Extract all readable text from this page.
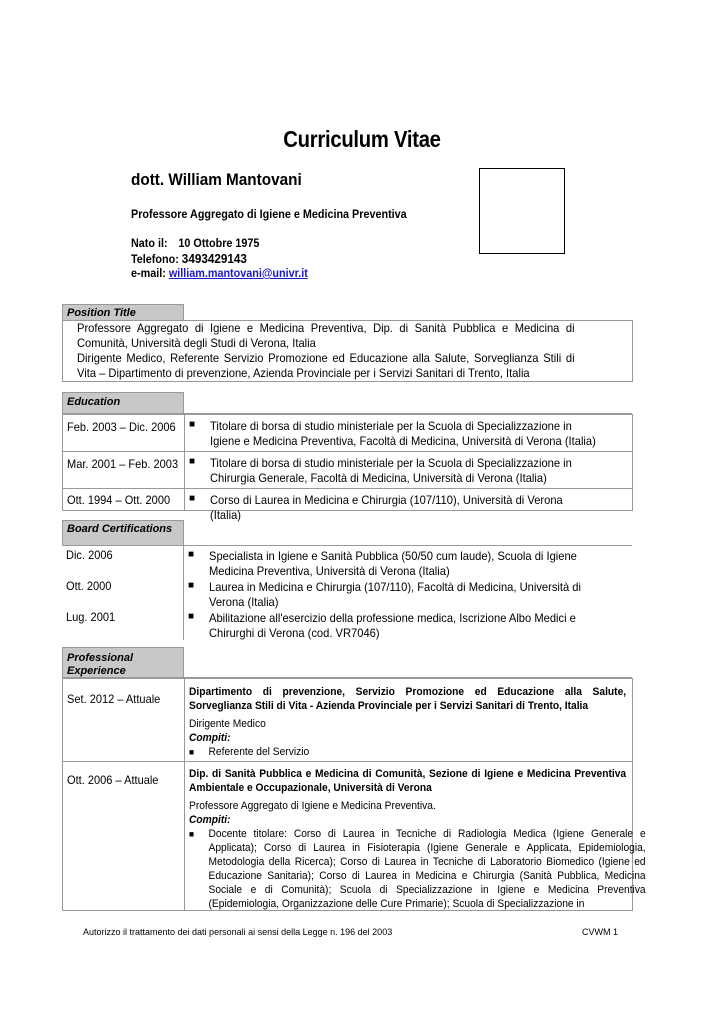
Curriculum Vitae
dott. William Mantovani
Professore Aggregato di Igiene e Medicina Preventiva
Nato il: 10 Ottobre 1975
Telefono: 3493429143
e-mail: william.mantovani@univr.it
Position Title
Professore Aggregato di Igiene e Medicina Preventiva, Dip. di Sanità Pubblica e Medicina di Comunità, Università degli Studi di Verona, Italia
Dirigente Medico, Referente Servizio Promozione ed Educazione alla Salute, Sorveglianza Stili di Vita – Dipartimento di prevenzione, Azienda Provinciale per i Servizi Sanitari di Trento, Italia
Education
Feb. 2003 – Dic. 2006 ■ Titolare di borsa di studio ministeriale per la Scuola di Specializzazione in Igiene e Medicina Preventiva, Facoltà di Medicina, Università di Verona (Italia)
Mar. 2001 – Feb. 2003 ■ Titolare di borsa di studio ministeriale per la Scuola di Specializzazione in Chirurgia Generale, Facoltà di Medicina, Università di Verona (Italia)
Ott. 1994 – Ott. 2000 ■ Corso di Laurea in Medicina e Chirurgia (107/110), Università di Verona (Italia)
Board Certifications
Dic. 2006	■ Specialista in Igiene e Sanità Pubblica (50/50 cum laude), Scuola di Igiene Medicina Preventiva, Università di Verona (Italia)
Ott. 2000	■ Laurea in Medicina e Chirurgia (107/110), Facoltà di Medicina, Università di Verona (Italia)
Lug. 2001	■ Abilitazione all'esercizio della professione medica, Iscrizione Albo Medici e Chirurghi di Verona (cod. VR7046)
Professional Experience
Set. 2012 – Attuale	Dipartimento di prevenzione, Servizio Promozione ed Educazione alla Salute, Sorveglianza Stili di Vita - Azienda Provinciale per i Servizi Sanitari di Trento, Italia
Dirigente Medico
Compiti:
■ Referente del Servizio
Ott. 2006 – Attuale	Dip. di Sanità Pubblica e Medicina di Comunità, Sezione di Igiene e Medicina Preventiva Ambientale e Occupazionale, Università di Verona
Professore Aggregato di Igiene e Medicina Preventiva.
Compiti:
■ Docente titolare: Corso di Laurea in Tecniche di Radiologia Medica (Igiene Generale e Applicata); Corso di Laurea in Fisioterapia (Igiene Generale e Applicata, Epidemiologia, Metodologia della Ricerca); Corso di Laurea in Tecniche di Laboratorio Biomedico (Igiene ed Educazione Sanitaria); Corso di Laurea in Medicina e Chirurgia (Sanità Pubblica, Medicina Sociale e di Comunità); Scuola di Specializzazione in Igiene e Medicina Preventiva (Epidemiologia, Organizzazione delle Cure Primarie); Scuola di Specializzazione in
Autorizzo il trattamento dei dati personali ai sensi della Legge n. 196 del 2003	CVWM 1
